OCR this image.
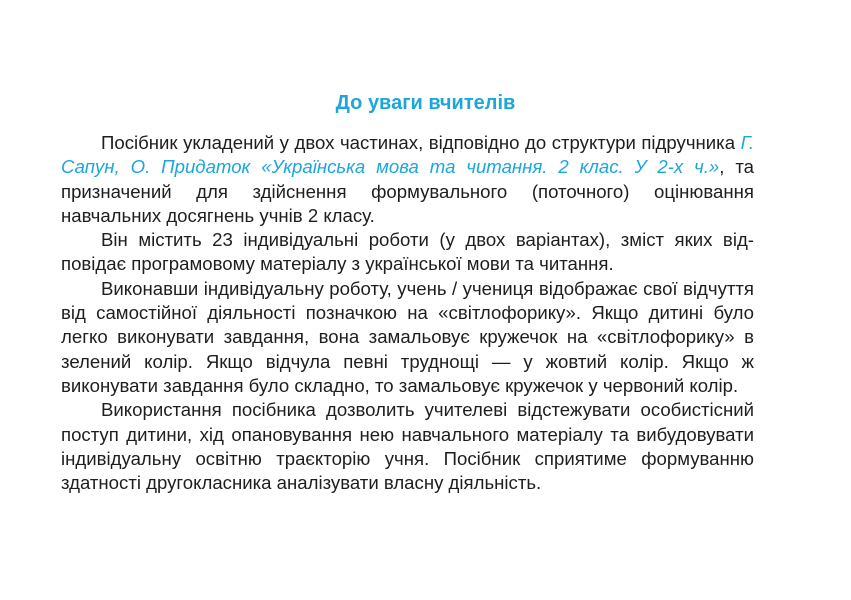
До уваги вчителів

Посібник укладений у двох частинах, відповідно до структури підручника Г. Сапун, О. Придаток «Українська мова та читання. 2 клас. У 2-х ч.», та призначений для здійснення формувального (поточного) оцінювання навчальних досягнень учнів 2 класу.

Він містить 23 індивідуальні роботи (у двох варіантах), зміст яких відповідає програмовому матеріалу з української мови та читання.

Виконавши індивідуальну роботу, учень / учениця відображає свої відчуття від самостійної діяльності позначкою на «світлофорику». Якщо дитині було легко виконувати завдання, вона замальовує кружечок на «світлофорику» в зелений колір. Якщо відчула певні труднощі — у жовтий колір. Якщо ж виконувати завдання було складно, то замальовує кружечок у червоний колір.

Використання посібника дозволить учителеві відстежувати особистісний поступ дитини, хід опановування нею навчального матеріалу та вибудовувати індивідуальну освітню траєкторію учня. Посібник сприятиме формуванню здатності другокласника аналізувати власну діяльність.
